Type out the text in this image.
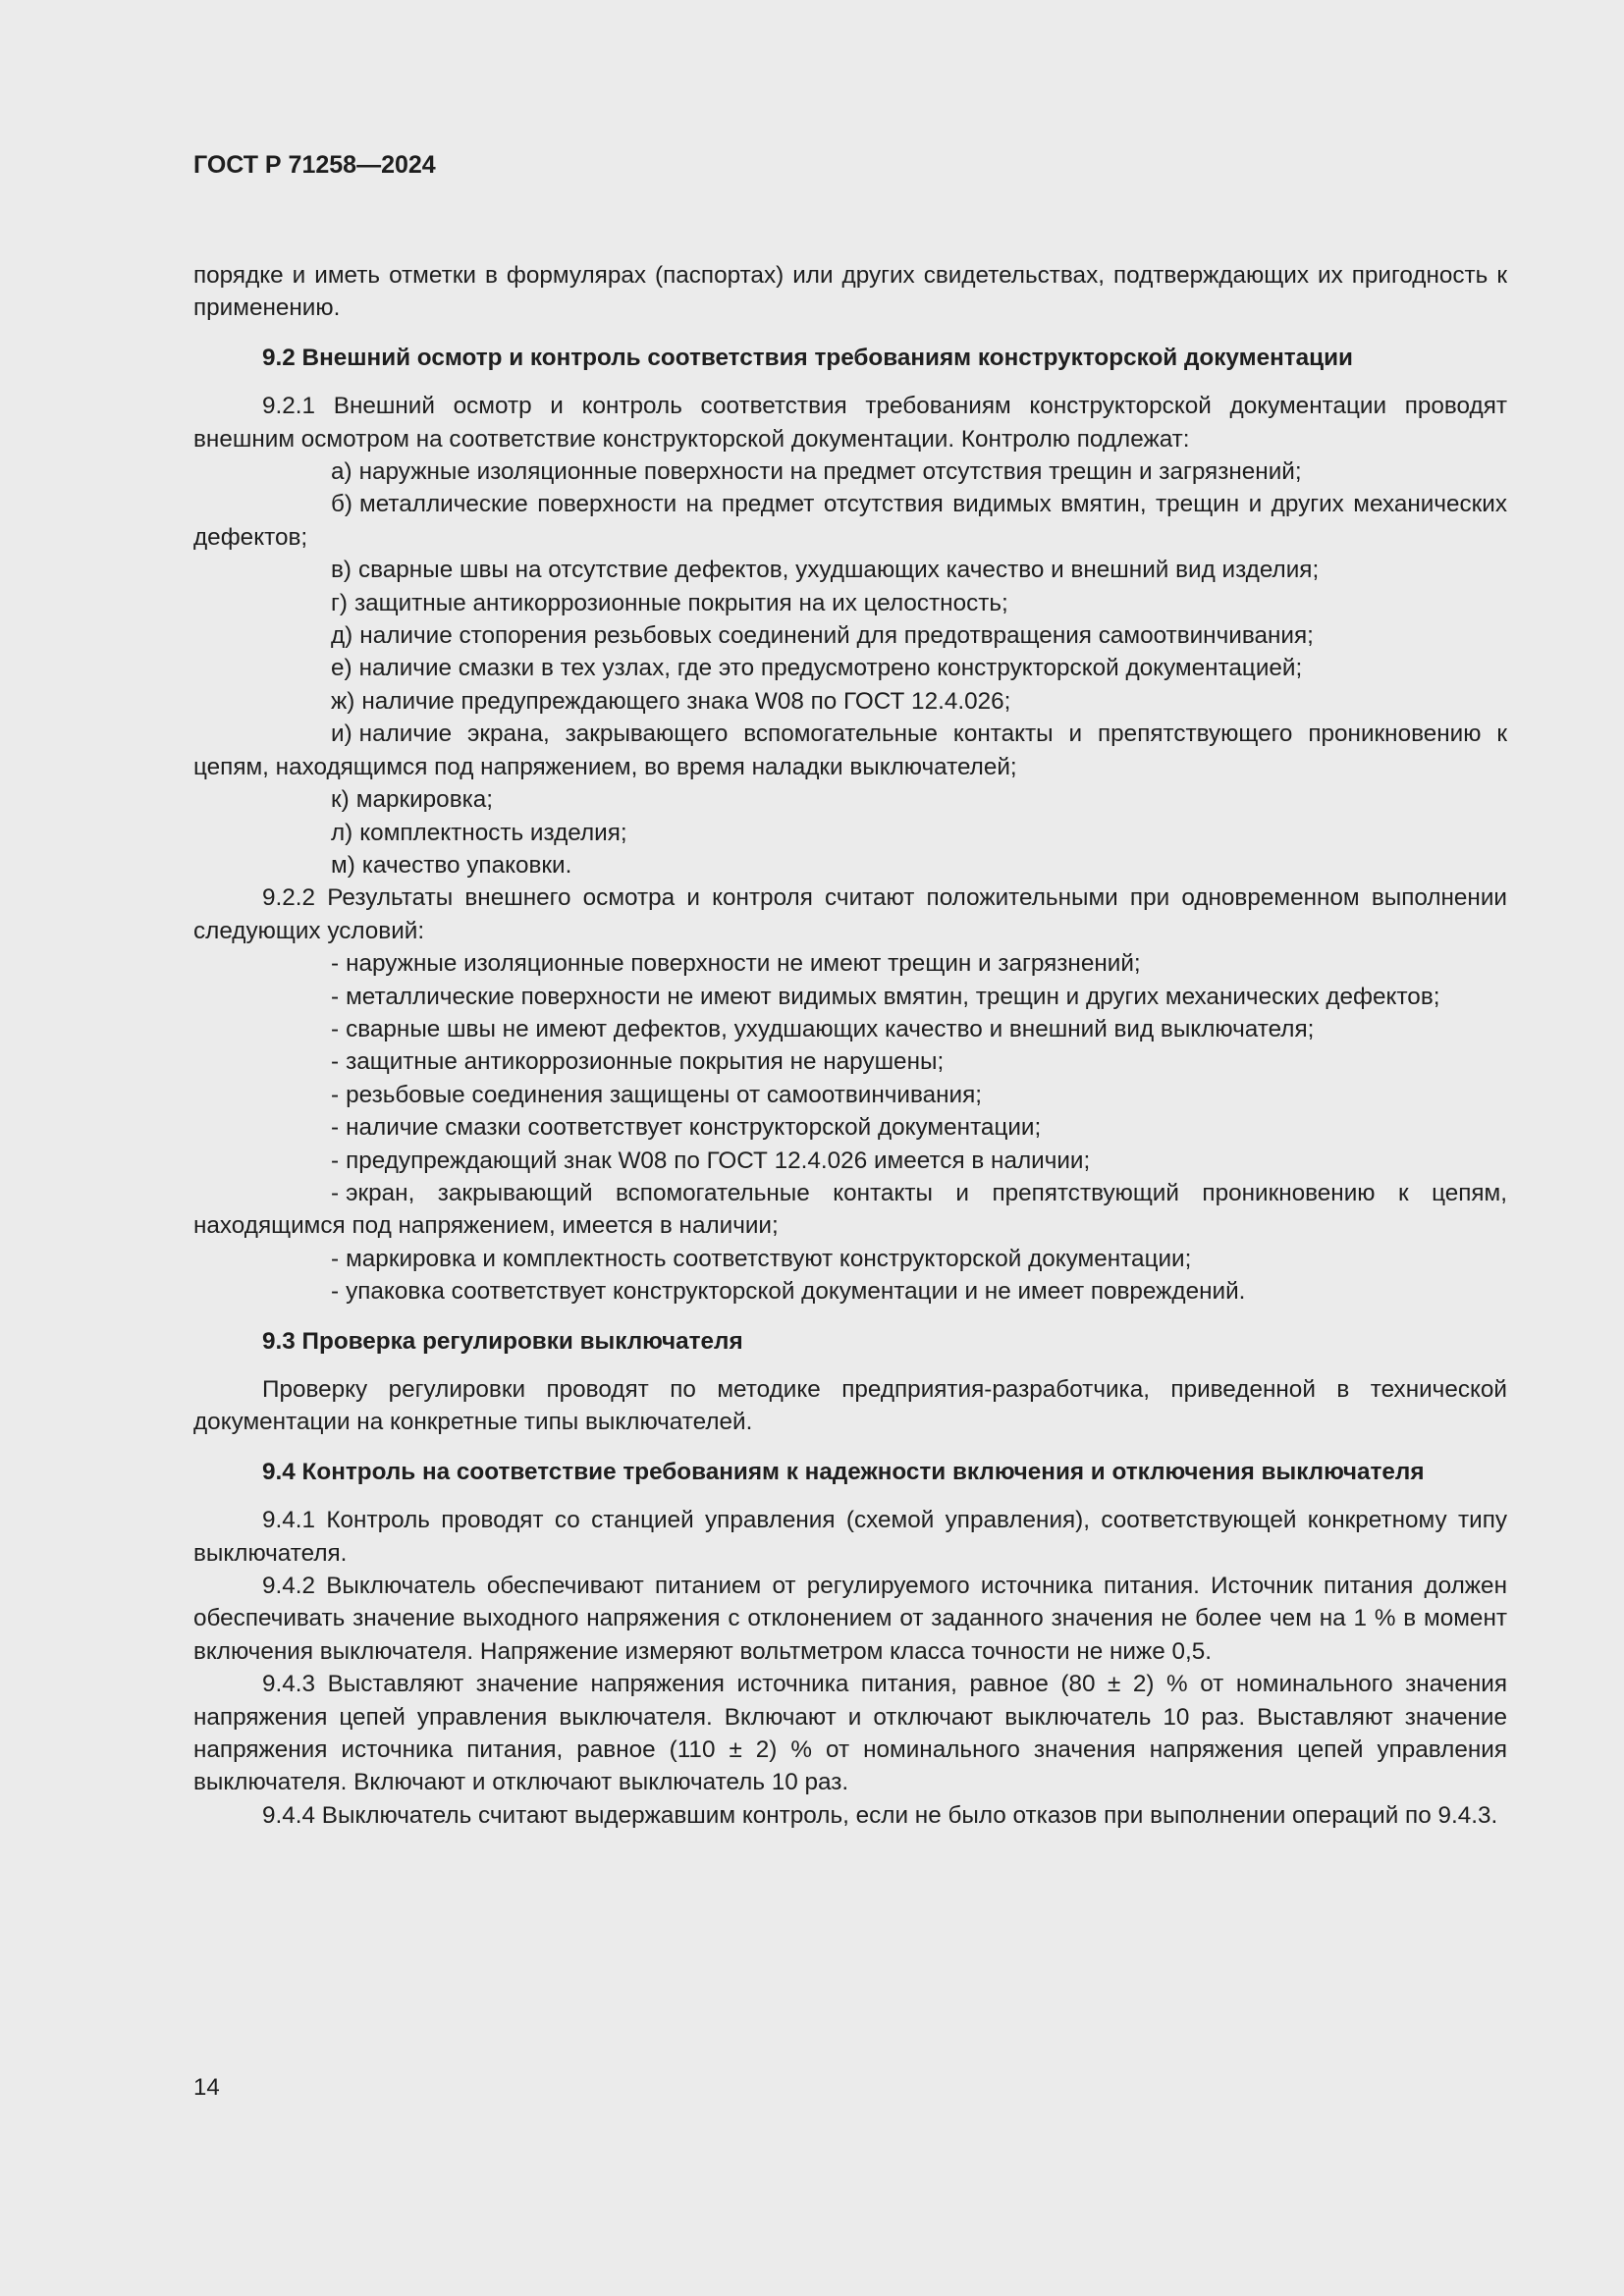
ГОСТ Р 71258—2024

порядке и иметь отметки в формулярах (паспортах) или других свидетельствах, подтверждающих их пригодность к применению.

9.2 Внешний осмотр и контроль соответствия требованиям конструкторской документации

9.2.1 Внешний осмотр и контроль соответствия требованиям конструкторской документации проводят внешним осмотром на соответствие конструкторской документации. Контролю подлежат:

а) наружные изоляционные поверхности на предмет отсутствия трещин и загрязнений;

б) металлические поверхности на предмет отсутствия видимых вмятин, трещин и других механических дефектов;

в) сварные швы на отсутствие дефектов, ухудшающих качество и внешний вид изделия;

г) защитные антикоррозионные покрытия на их целостность;

д) наличие стопорения резьбовых соединений для предотвращения самоотвинчивания;

е) наличие смазки в тех узлах, где это предусмотрено конструкторской документацией;

ж) наличие предупреждающего знака W08 по ГОСТ 12.4.026;

и) наличие экрана, закрывающего вспомогательные контакты и препятствующего проникновению к цепям, находящимся под напряжением, во время наладки выключателей;

к) маркировка;

л) комплектность изделия;

м) качество упаковки.

9.2.2 Результаты внешнего осмотра и контроля считают положительными при одновременном выполнении следующих условий:

- наружные изоляционные поверхности не имеют трещин и загрязнений;

- металлические поверхности не имеют видимых вмятин, трещин и других механических дефектов;

- сварные швы не имеют дефектов, ухудшающих качество и внешний вид выключателя;

- защитные антикоррозионные покрытия не нарушены;

- резьбовые соединения защищены от самоотвинчивания;

- наличие смазки соответствует конструкторской документации;

- предупреждающий знак W08 по ГОСТ 12.4.026 имеется в наличии;

- экран, закрывающий вспомогательные контакты и препятствующий проникновению к цепям, находящимся под напряжением, имеется в наличии;

- маркировка и комплектность соответствуют конструкторской документации;

- упаковка соответствует конструкторской документации и не имеет повреждений.

9.3 Проверка регулировки выключателя

Проверку регулировки проводят по методике предприятия-разработчика, приведенной в технической документации на конкретные типы выключателей.

9.4 Контроль на соответствие требованиям к надежности включения и отключения выключателя

9.4.1 Контроль проводят со станцией управления (схемой управления), соответствующей конкретному типу выключателя.

9.4.2 Выключатель обеспечивают питанием от регулируемого источника питания. Источник питания должен обеспечивать значение выходного напряжения с отклонением от заданного значения не более чем на 1 % в момент включения выключателя. Напряжение измеряют вольтметром класса точности не ниже 0,5.

9.4.3 Выставляют значение напряжения источника питания, равное (80 ± 2) % от номинального значения напряжения цепей управления выключателя. Включают и отключают выключатель 10 раз. Выставляют значение напряжения источника питания, равное (110 ± 2) % от номинального значения напряжения цепей управления выключателя. Включают и отключают выключатель 10 раз.

9.4.4 Выключатель считают выдержавшим контроль, если не было отказов при выполнении операций по 9.4.3.

14
